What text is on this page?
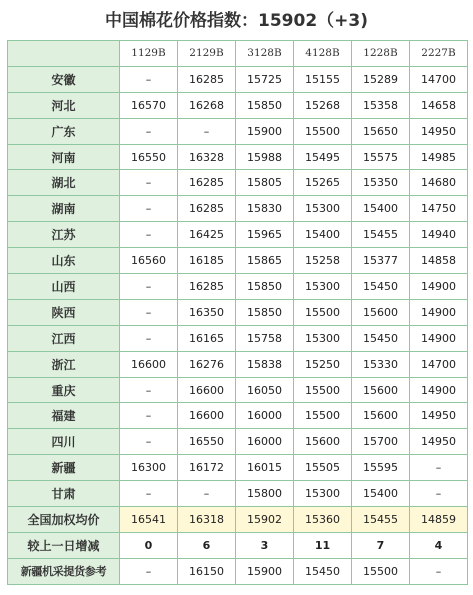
中国棉花价格指数：15902（+3)
	1129B	2129B	3128B	4128B	1228B	2227B
安徽	–	16285	15725	15155	15289	14700
河北	16570	16268	15850	15268	15358	14658
广东	–	–	15900	15500	15650	14950
河南	16550	16328	15988	15495	15575	14985
湖北	–	16285	15805	15265	15350	14680
湖南	–	16285	15830	15300	15400	14750
江苏	–	16425	15965	15400	15455	14940
山东	16560	16185	15865	15258	15377	14858
山西	–	16285	15850	15300	15450	14900
陕西	–	16350	15850	15500	15600	14900
江西	–	16165	15758	15300	15450	14900
浙江	16600	16276	15838	15250	15330	14700
重庆	–	16600	16050	15500	15600	14900
福建	–	16600	16000	15500	15600	14950
四川	–	16550	16000	15600	15700	14950
新疆	16300	16172	16015	15505	15595	–
甘肃	–	–	15800	15300	15400	–
全国加权均价	16541	16318	15902	15360	15455	14859
较上一日增减	0	6	3	11	7	4
新疆机采提货参考	–	16150	15900	15450	15500	–
